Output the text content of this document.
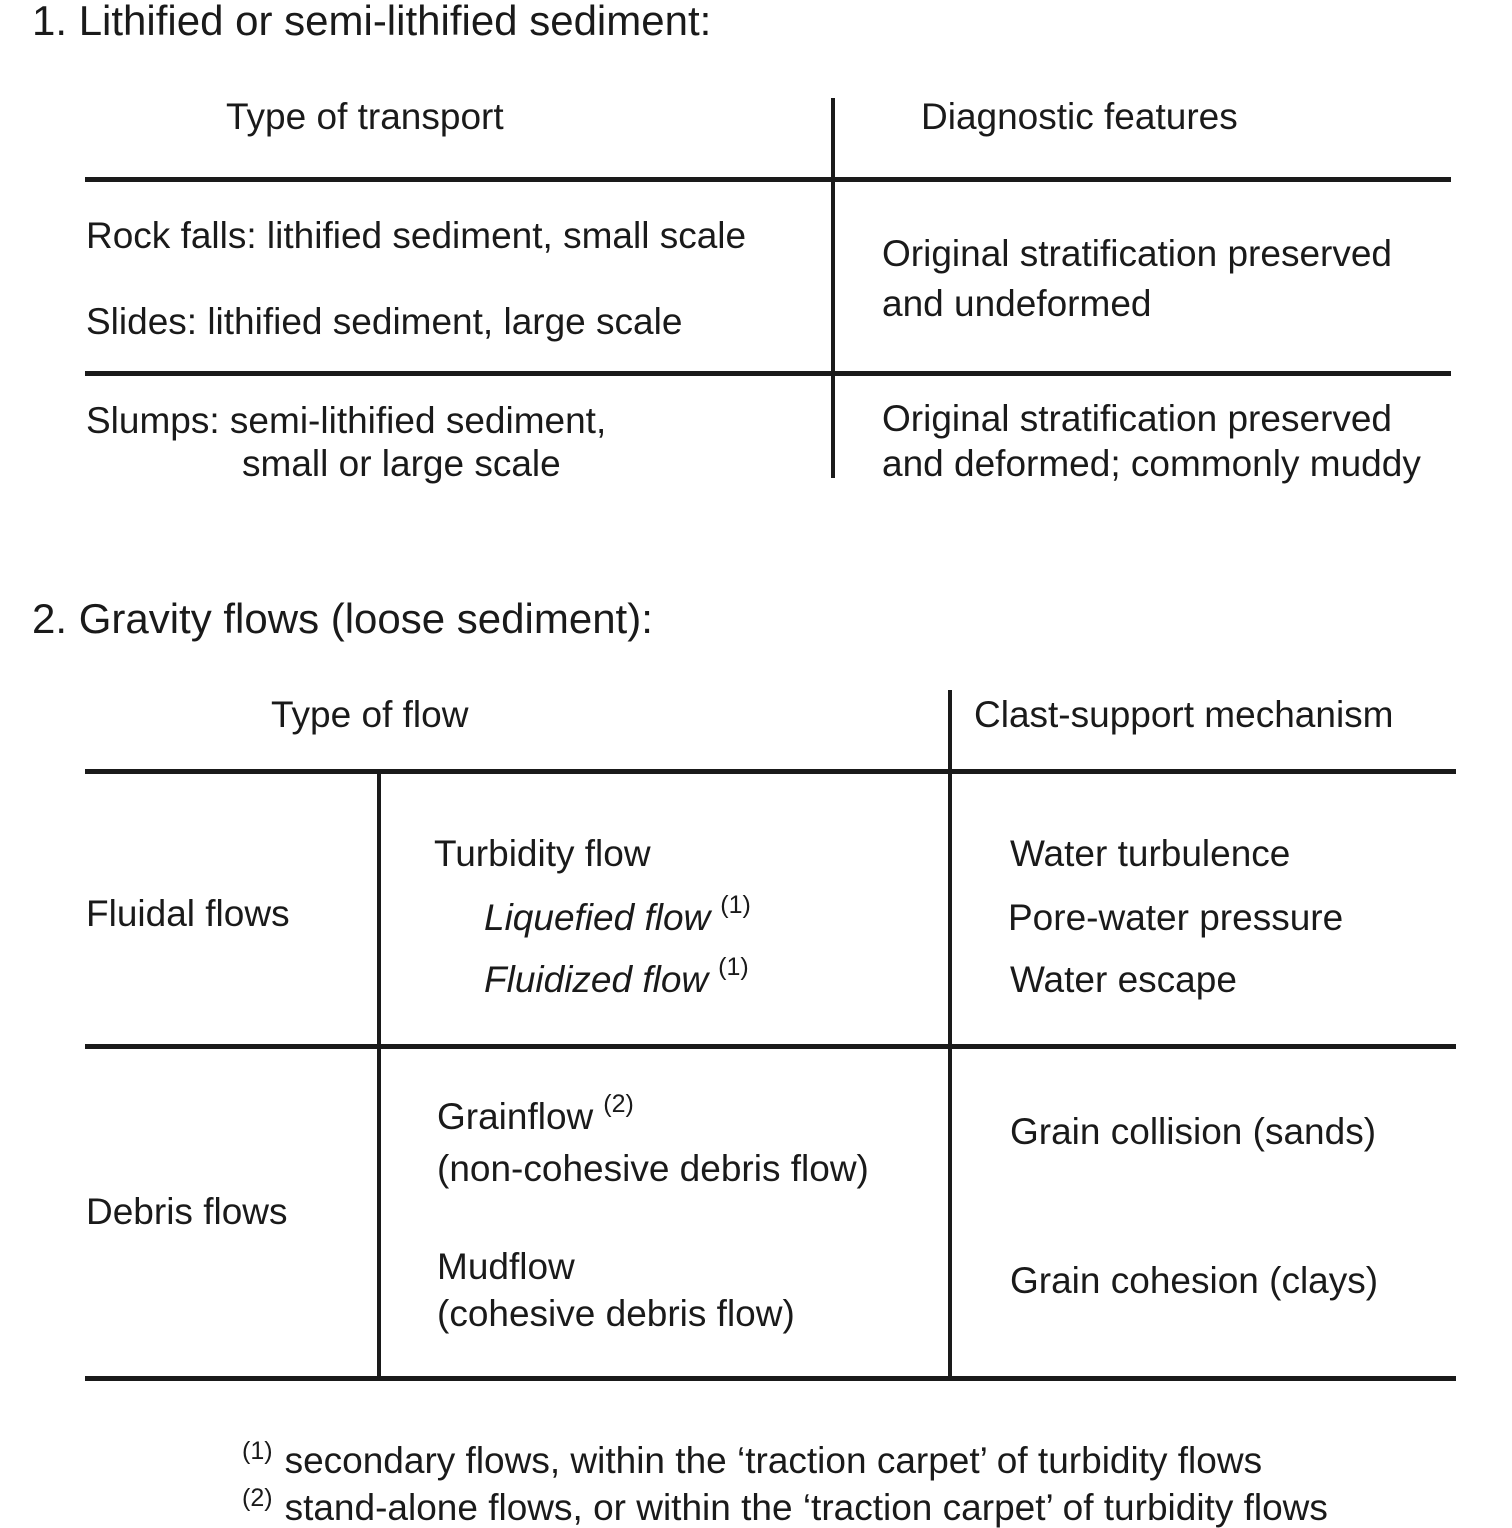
1. Lithified or semi-lithified sediment:
Type of transport	Diagnostic features
Rock falls: lithified sediment, small scale
Slides: lithified sediment, large scale
Original stratification preserved
and undeformed
Slumps: semi-lithified sediment,
small or large scale
Original stratification preserved
and deformed; commonly muddy
2. Gravity flows (loose sediment):
Type of flow	Clast-support mechanism
Fluidal flows
Turbidity flow
Liquefied flow $^{(1)}$
Fluidized flow $^{(1)}$
Water turbulence
Pore-water pressure
Water escape
Debris flows
Grainflow $^{(2)}$
(non-cohesive debris flow)
Mudflow
(cohesive debris flow)
Grain collision (sands)
Grain cohesion (clays)
$^{(1)}$ secondary flows, within the ‘traction carpet’ of turbidity flows
$^{(2)}$ stand-alone flows, or within the ‘traction carpet’ of turbidity flows
